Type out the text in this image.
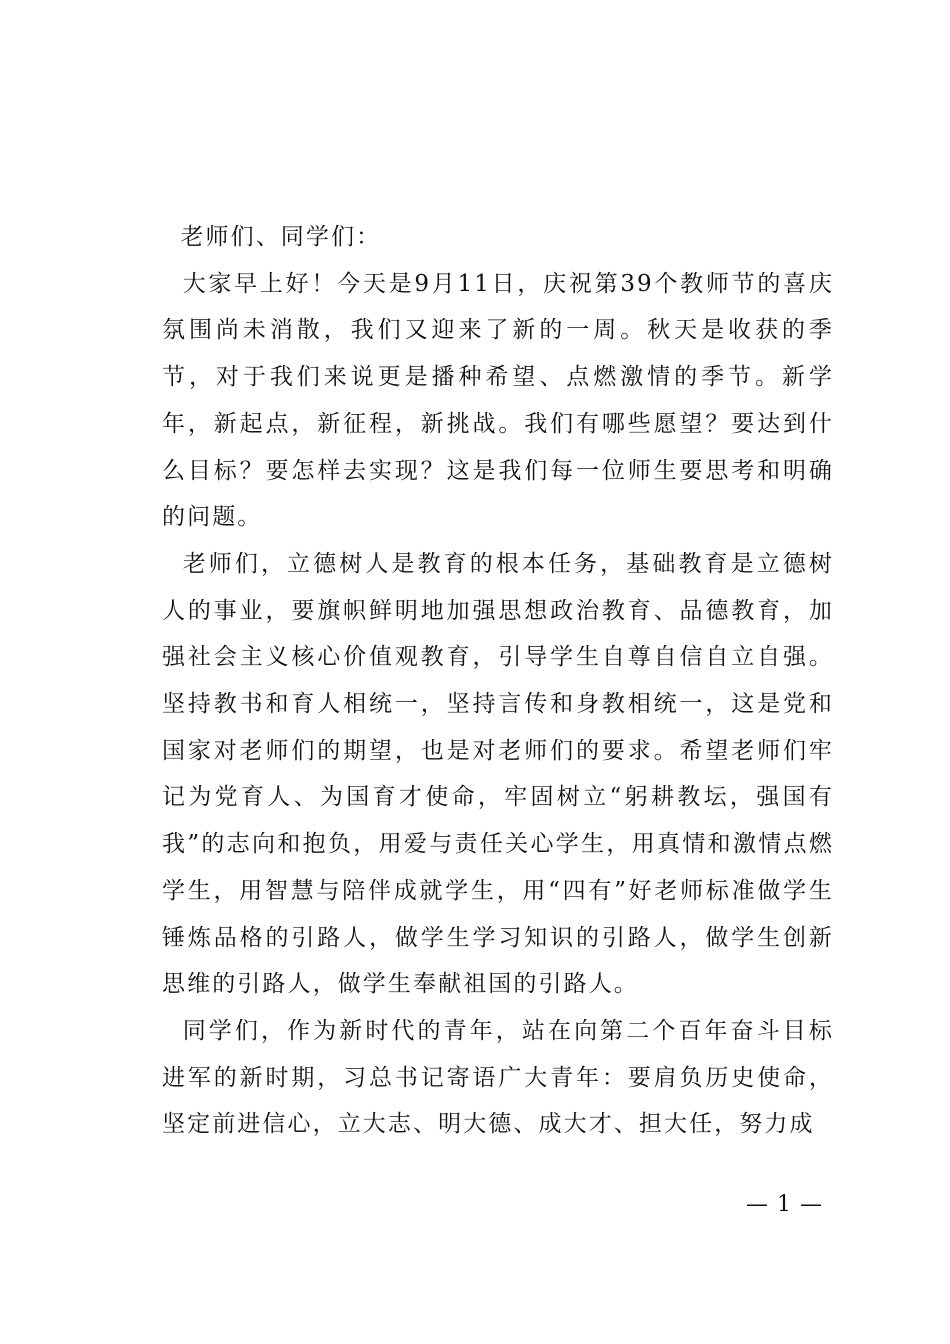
老师们、同学们：

大家早上好！今天是9月11日，庆祝第39个教师节的喜庆氛围尚未消散，我们又迎来了新的一周。秋天是收获的季节，对于我们来说更是播种希望、点燃激情的季节。新学年，新起点，新征程，新挑战。我们有哪些愿望？要达到什么目标？要怎样去实现？这是我们每一位师生要思考和明确的问题。

老师们，立德树人是教育的根本任务，基础教育是立德树人的事业，要旗帜鲜明地加强思想政治教育、品德教育，加强社会主义核心价值观教育，引导学生自尊自信自立自强。坚持教书和育人相统一，坚持言传和身教相统一，这是党和国家对老师们的期望，也是对老师们的要求。希望老师们牢记为党育人、为国育才使命，牢固树立“躬耕教坛，强国有我”的志向和抱负，用爱与责任关心学生，用真情和激情点燃学生，用智慧与陪伴成就学生，用“四有”好老师标准做学生锤炼品格的引路人，做学生学习知识的引路人，做学生创新思维的引路人，做学生奉献祖国的引路人。

同学们，作为新时代的青年，站在向第二个百年奋斗目标进军的新时期，习总书记寄语广大青年：要肩负历史使命，坚定前进信心，立大志、明大德、成大才、担大任，努力成

— 1 —
